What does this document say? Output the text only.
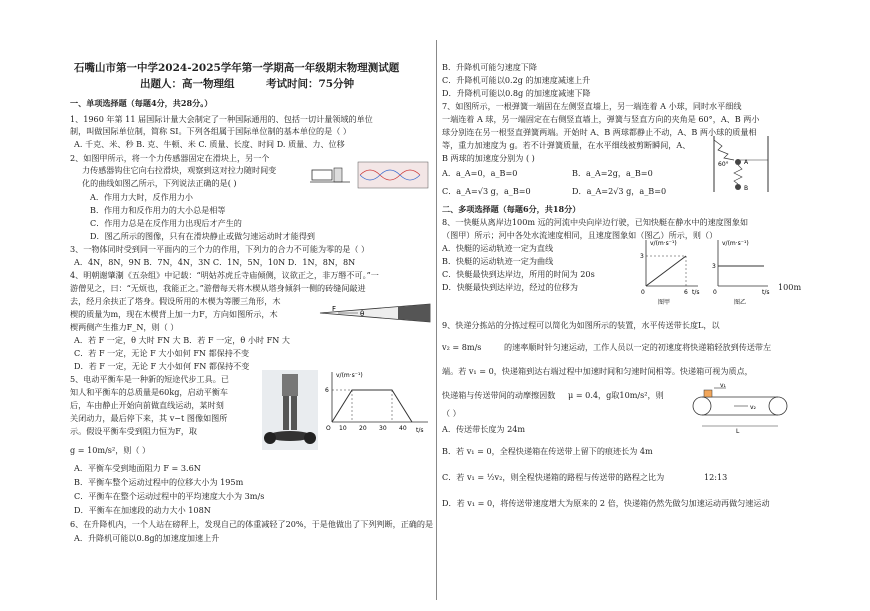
石嘴山市第一中学2024-2025学年第一学期高一年级期末物理测试题
出题人：高一物理组	考试时间：75分钟
一、单项选择题（每题4分，共28分。）
1、1960 年第 11 届国际计量大会制定了一种国际通用的、包括一切计量领域的单位
制，叫做国际单位制，简称 SI。下列各组属于国际单位制的基本单位的是（ ）
A. 千克、米、秒 B. 克、牛顿、米 C. 质量、长度、时间 D. 质量、力、位移
2、如图甲所示，将一个力传感器固定在滑块上，另一个
力传感器钩住它向右拉滑块，观察到这对拉力随时间变
化的曲线如图乙所示，下列说法正确的是( )
A．作用力大时，反作用力小
B．作用力和反作用力的大小总是相等
C．作用力总是在反作用力出现后才产生的
D．图乙所示的图像，只有在滑块静止或做匀速运动时才能得到
3、一物体同时受到同一平面内的三个力的作用，下列力的合力不可能为零的是（ ）
A．4N，8N，9N B．7N，4N，3N C．1N，5N，10N D．1N，8N，8N
4、明朝谢肇淛《五杂组》中记载：“明姑苏虎丘寺庙倾侧，议欲正之，非万缗不可。”一
游僧见之，曰：“无烦也，我能正之。”游僧每天将木楔从塔身倾斜一侧的砖缝间敲进
去，经月余扶正了塔身。假设所用的木楔为等腰三角形，木
楔的质量为m，现在木楔背上加一力F，方向如图所示，木
楔两侧产生推力F_N，则（ ）
A．若 F 一定，θ 大时 FN 大 B．若 F 一定，θ 小时 FN 大
C．若 F 一定，无论 F 大小如何 FN 都保持不变
D．若 F 一定，无论 F 大小如何 FN 都保持不变
5、电动平衡车是一种新的短途代步工具。已
知人和平衡车的总质量是60kg，启动平衡车
后，车由静止开始向前做直线运动，某时刻
关闭动力，最后停下来，其 v−t 图像如图所
示。假设平衡车受到阻力恒为F，取
g = 10m/s²，则（ ）
A．平衡车受到地面阻力 F = 3.6N
B．平衡车整个运动过程中的位移大小为 195m
C．平衡车在整个运动过程中的平均速度大小为 3m/s
D．平衡车在加速段的动力大小 108N
6、在升降机内，一个人站在磅秤上，发现自己的体重减轻了20%，于是他做出了下列判断，正确的是
A．升降机可能以0.8g的加速度加速上升
θ
F
v/(m·s⁻¹)
t/s
6
O 10 20 30 40
B．升降机可能匀速度下降
C．升降机可能以0.2g 的加速度减速上升
D．升降机可能以0.8g 的加速度减速下降
7、如图所示，一根弹簧一端固在左侧竖直墙上，另一端连着 A 小球，同时水平细线
一端连着 A 球，另一端固定在右侧竖直墙上，弹簧与竖直方向的夹角是 60°，A、B 两小
球分别连在另一根竖直弹簧两端。开始时 A、B 两球都静止不动，A、B 两小球的质量相
等，重力加速度为 g。若不计弹簧质量，在水平细线被剪断瞬间，A、
B 两球的加速度分别为 ( )
A．a_A=0，a_B=0	B．a_A=2g，a_B=0
C．a_A=√3 g，a_B=0	D．a_A=2√3 g，a_B=0
二、多项选择题（每题6分，共18分）
8、一快艇从离岸边100m 远的河流中央向岸边行驶，已知快艇在静水中的速度图象如
（图甲）所示；河中各处水流速度相同，且速度图象如（图乙）所示，则（）
A．快艇的运动轨迹一定为直线
B．快艇的运动轨迹一定为曲线
C．快艇最快到达岸边，所用的时间为 20s
D．快艇最快到达岸边，经过的位移为
9、快递分拣站的分拣过程可以简化为如图所示的装置，水平传送带长度L，以
v₂ = 8m/s	的速率顺时针匀速运动，工作人员以一定的初速度将快递箱轻放到传送带左
端。若 v₁ = 0，快递箱到达右端过程中加速时间和匀速时间相等。快递箱可视为质点，
快递箱与传送带间的动摩擦因数 μ = 0.4，g取10m/s²，则
（ ）
A．传送带长度为 24m
B．若 v₁ = 0，全程快递箱在传送带上留下的痕迹长为 4m
C．若 v₁ = ½v₂，则全程快递箱的路程与传送带的路程之比为	12:13
D．若 v₁ = 0，将传送带速度增大为原来的 2 倍，快递箱仍然先做匀加速运动再做匀速运动
60°	A
B
v/(m·s⁻¹)
3
0	6 t/s
图甲
v/(m·s⁻¹)
3
0	t/s
图乙
100m
v₁
v₂
L
